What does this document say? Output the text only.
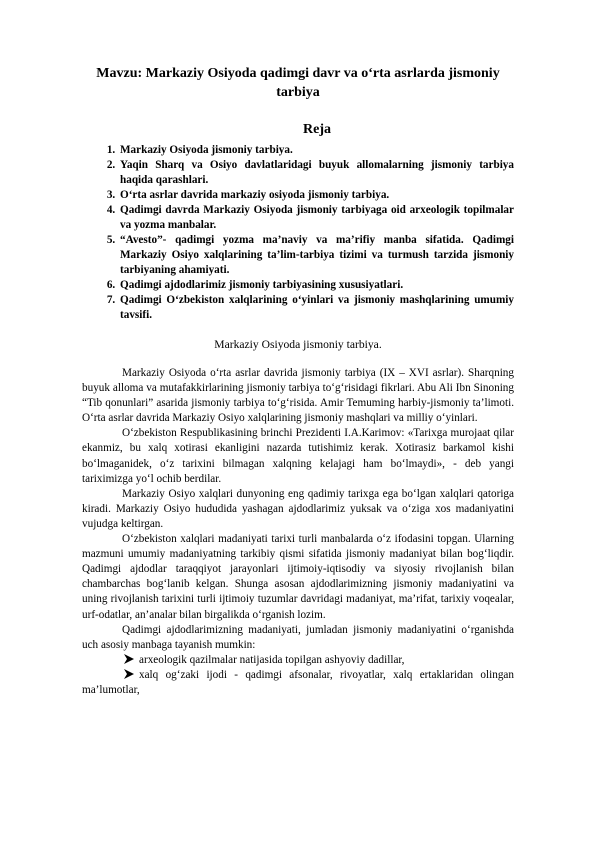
Mavzu: Markaziy Osiyoda qadimgi davr va o‘rta asrlarda jismoniy tarbiya
Reja
1. Markaziy Osiyoda jismoniy tarbiya.
2. Yaqin Sharq va Osiyo davlatlaridagi buyuk allomalarning jismoniy tarbiya haqida qarashlari.
3. O‘rta asrlar davrida markaziy osiyoda jismoniy tarbiya.
4. Qadimgi davrda Markaziy Osiyoda jismoniy tarbiyaga oid arxeologik topilmalar va yozma manbalar.
5. “Avesto”- qadimgi yozma ma’naviy va ma’rifiy manba sifatida. Qadimgi Markaziy Osiyo xalqlarining ta’lim-tarbiya tizimi va turmush tarzida jismoniy tarbiyaning ahamiyati.
6. Qadimgi ajdodlarimiz jismoniy tarbiyasining xususiyatlari.
7. Qadimgi O‘zbekiston xalqlarining o‘yinlari va jismoniy mashqlarining umumiy tavsifi.
Markaziy Osiyoda jismoniy tarbiya.

Markaziy Osiyoda o‘rta asrlar davrida jismoniy tarbiya (IX – XVI asrlar). Sharqning buyuk alloma va mutafakkirlarining jismoniy tarbiya to‘g‘risidagi fikrlari. Abu Ali Ibn Sinoning “Tib qonunlari” asarida jismoniy tarbiya to‘g‘risida. Amir Temuming harbiy-jismoniy ta’limoti. O‘rta asrlar davrida Markaziy Osiyo xalqlarining jismoniy mashqlari va milliy o‘yinlari.

O‘zbekiston Respublikasining brinchi Prezidenti I.A.Karimov: «Tarixga murojaat qilar ekanmiz, bu xalq xotirasi ekanligini nazarda tutishimiz kerak. Xotirasiz barkamol kishi bo‘lmaganidek, o‘z tarixini bilmagan xalqning kelajagi ham bo‘lmaydi», - deb yangi tariximizga yo‘l ochib berdilar.

Markaziy Osiyo xalqlari dunyoning eng qadimiy tarixga ega bo‘lgan xalqlari qatoriga kiradi. Markaziy Osiyo hududida yashagan ajdodlarimiz yuksak va o‘ziga xos madaniyatini vujudga keltirgan.

O‘zbekiston xalqlari madaniyati tarixi turli manbalarda o‘z ifodasini topgan. Ularning mazmuni umumiy madaniyatning tarkibiy qismi sifatida jismoniy madaniyat bilan bog‘liqdir. Qadimgi ajdodlar taraqqiyot jarayonlari ijtimoiy-iqtisodiy va siyosiy rivojlanish bilan chambarchas bog‘lanib kelgan. Shunga asosan ajdodlarimizning jismoniy madaniyatini va uning rivojlanish tarixini turli ijtimoiy tuzumlar davridagi madaniyat, ma’rifat, tarixiy voqealar, urf-odatlar, an’analar bilan birgalikda o‘rganish lozim.

Qadimgi ajdodlarimizning madaniyati, jumladan jismoniy madaniyatini o‘rganishda uch asosiy manbaga tayanish mumkin:

arxeologik qazilmalar natijasida topilgan ashyoviy dadillar,

xalq og‘zaki ijodi - qadimgi afsonalar, rivoyatlar, xalq ertaklaridan olingan ma’lumotlar,
